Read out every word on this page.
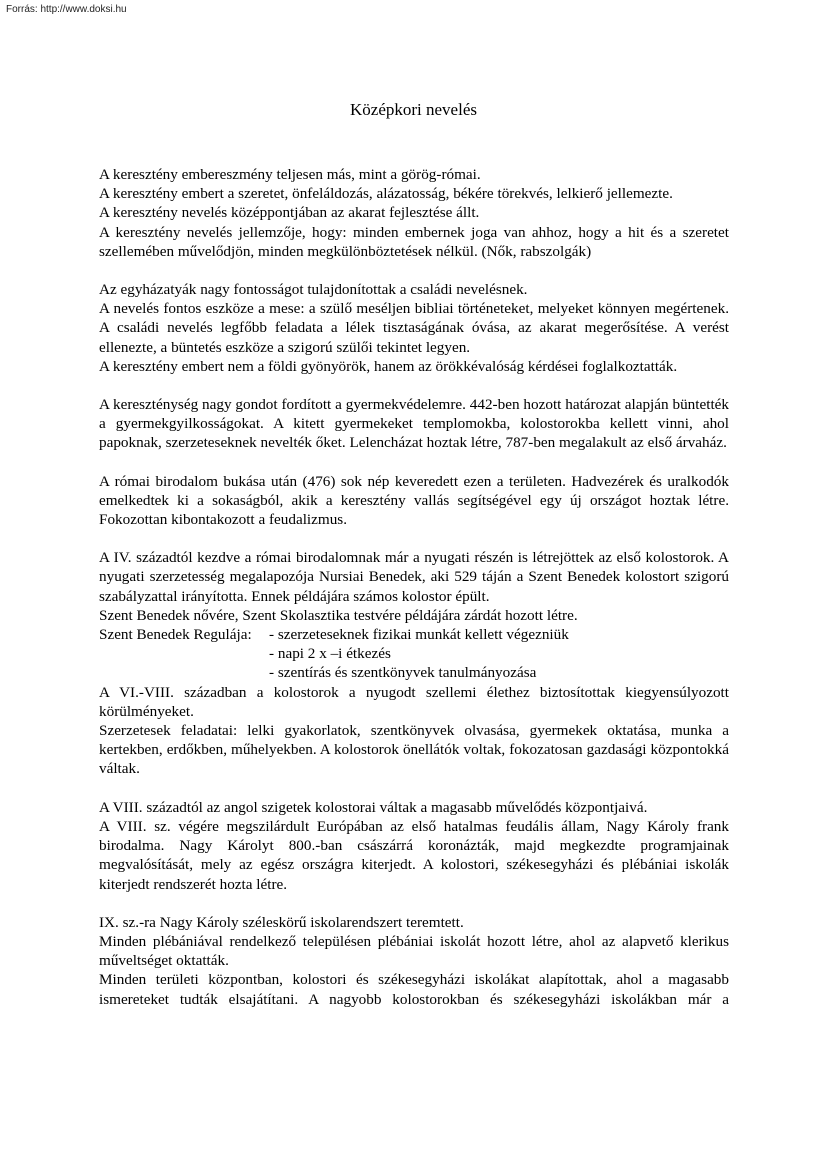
Forrás: http://www.doksi.hu
Középkori nevelés

A keresztény embereszmény teljesen más, mint a görög-római.

A keresztény embert a szeretet, önfeláldozás, alázatosság, békére törekvés, lelkierő jellemezte.

A keresztény nevelés középpontjában az akarat fejlesztése állt.

A keresztény nevelés jellemzője, hogy: minden embernek joga van ahhoz, hogy a hit és a szeretet szellemében művelődjön, minden megkülönböztetések nélkül. (Nők, rabszolgák)

Az egyházatyák nagy fontosságot tulajdonítottak a családi nevelésnek.

A nevelés fontos eszköze a mese: a szülő meséljen bibliai történeteket, melyeket könnyen megértenek. A családi nevelés legfőbb feladata a lélek tisztaságának óvása, az akarat megerősítése. A verést ellenezte, a büntetés eszköze a szigorú szülői tekintet legyen.

A keresztény embert nem a földi gyönyörök, hanem az örökkévalóság kérdései foglalkoztatták.

A kereszténység nagy gondot fordított a gyermekvédelemre. 442-ben hozott határozat alapján büntették a gyermekgyilkosságokat. A kitett gyermekeket templomokba, kolostorokba kellett vinni, ahol papoknak, szerzeteseknek nevelték őket. Lelencházat hoztak létre, 787-ben megalakult az első árvaház.

A római birodalom bukása után (476) sok nép keveredett ezen a területen. Hadvezérek és uralkodók emelkedtek ki a sokaságból, akik a keresztény vallás segítségével egy új országot hoztak létre. Fokozottan kibontakozott a feudalizmus.

A IV. századtól kezdve a római birodalomnak már a nyugati részén is létrejöttek az első kolostorok. A nyugati szerzetesség megalapozója Nursiai Benedek, aki 529 táján a Szent Benedek kolostort szigorú szabályzattal irányította. Ennek példájára számos kolostor épült.

Szent Benedek nővére, Szent Skolasztika testvére példájára zárdát hozott létre.

Szent Benedek Regulája:	- szerzeteseknek fizikai munkát kellett végezniük
- napi 2 x –i étkezés
- szentírás és szentkönyvek tanulmányozása

A VI.-VIII. században a kolostorok a nyugodt szellemi élethez biztosítottak kiegyensúlyozott körülményeket.

Szerzetesek feladatai: lelki gyakorlatok, szentkönyvek olvasása, gyermekek oktatása, munka a kertekben, erdőkben, műhelyekben. A kolostorok önellátók voltak, fokozatosan gazdasági központokká váltak.

A VIII. századtól az angol szigetek kolostorai váltak a magasabb művelődés központjaivá.

A VIII. sz. végére megszilárdult Európában az első hatalmas feudális állam, Nagy Károly frank birodalma. Nagy Károlyt 800.-ban császárrá koronázták, majd megkezdte programjainak megvalósítását, mely az egész országra kiterjedt. A kolostori, székesegyházi és plébániai iskolák kiterjedt rendszerét hozta létre.

IX. sz.-ra Nagy Károly széleskörű iskolarendszert teremtett.

Minden plébániával rendelkező településen plébániai iskolát hozott létre, ahol az alapvető klerikus műveltséget oktatták.

Minden területi központban, kolostori és székesegyházi iskolákat alapítottak, ahol a magasabb ismereteket tudták elsajátítani. A nagyobb kolostorokban és székesegyházi iskolákban már a
